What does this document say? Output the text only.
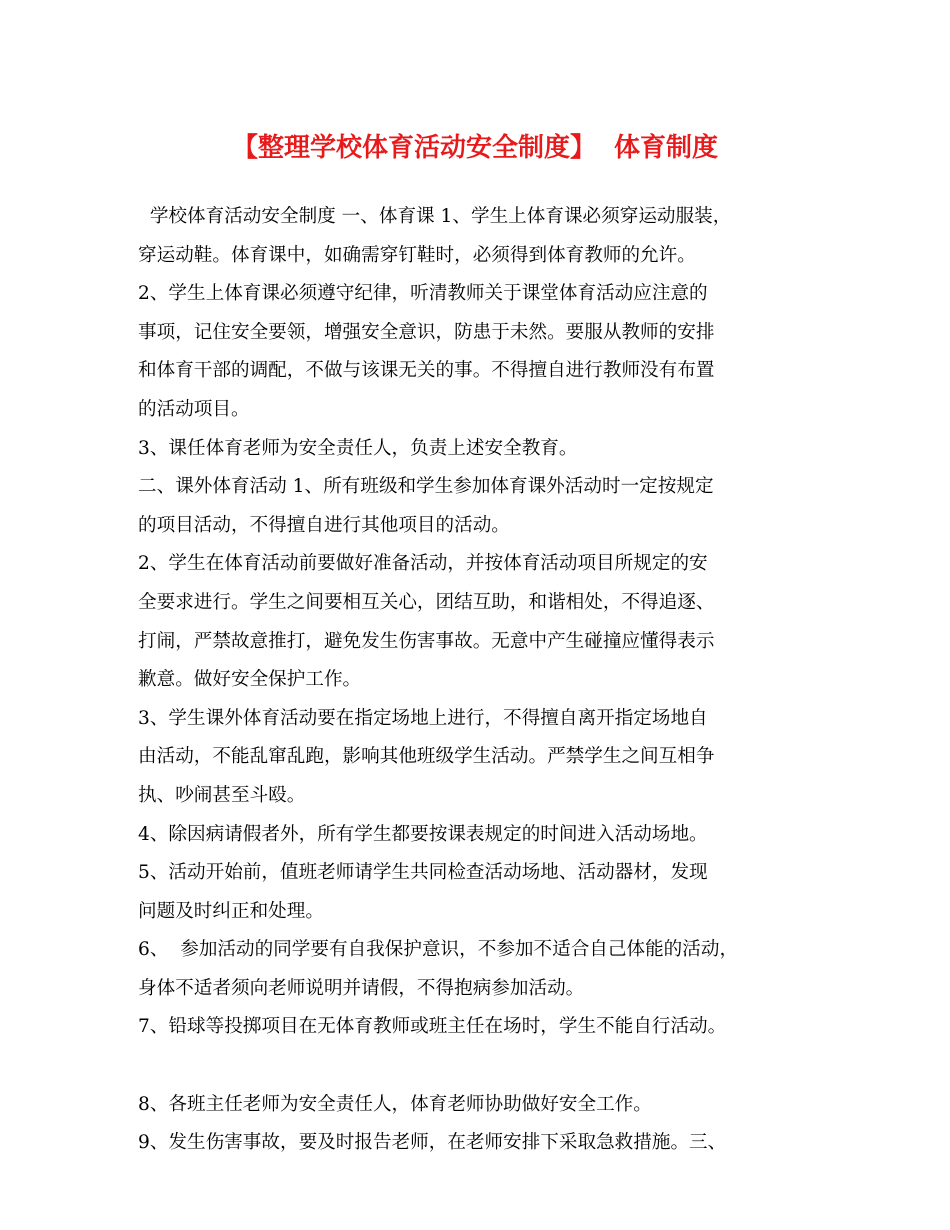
【整理学校体育活动安全制度】  体育制度
学校体育活动安全制度 一、体育课 1、学生上体育课必须穿运动服装，
穿运动鞋。体育课中，如确需穿钉鞋时，必须得到体育教师的允许。
2、学生上体育课必须遵守纪律，听清教师关于课堂体育活动应注意的
事项，记住安全要领，增强安全意识，防患于未然。要服从教师的安排
和体育干部的调配，不做与该课无关的事。不得擅自进行教师没有布置
的活动项目。
3、课任体育老师为安全责任人，负责上述安全教育。
二、课外体育活动 1、所有班级和学生参加体育课外活动时一定按规定
的项目活动，不得擅自进行其他项目的活动。
2、学生在体育活动前要做好准备活动，并按体育活动项目所规定的安
全要求进行。学生之间要相互关心，团结互助，和谐相处，不得追逐、
打闹，严禁故意推打，避免发生伤害事故。无意中产生碰撞应懂得表示
歉意。做好安全保护工作。
3、学生课外体育活动要在指定场地上进行，不得擅自离开指定场地自
由活动，不能乱窜乱跑，影响其他班级学生活动。严禁学生之间互相争
执、吵闹甚至斗殴。
4、除因病请假者外，所有学生都要按课表规定的时间进入活动场地。
5、活动开始前，值班老师请学生共同检查活动场地、活动器材，发现
问题及时纠正和处理。
6、  参加活动的同学要有自我保护意识，不参加不适合自己体能的活动，
身体不适者须向老师说明并请假，不得抱病参加活动。
7、铅球等投掷项目在无体育教师或班主任在场时，学生不能自行活动。
8、各班主任老师为安全责任人，体育老师协助做好安全工作。
9、发生伤害事故，要及时报告老师，在老师安排下采取急救措施。三、
